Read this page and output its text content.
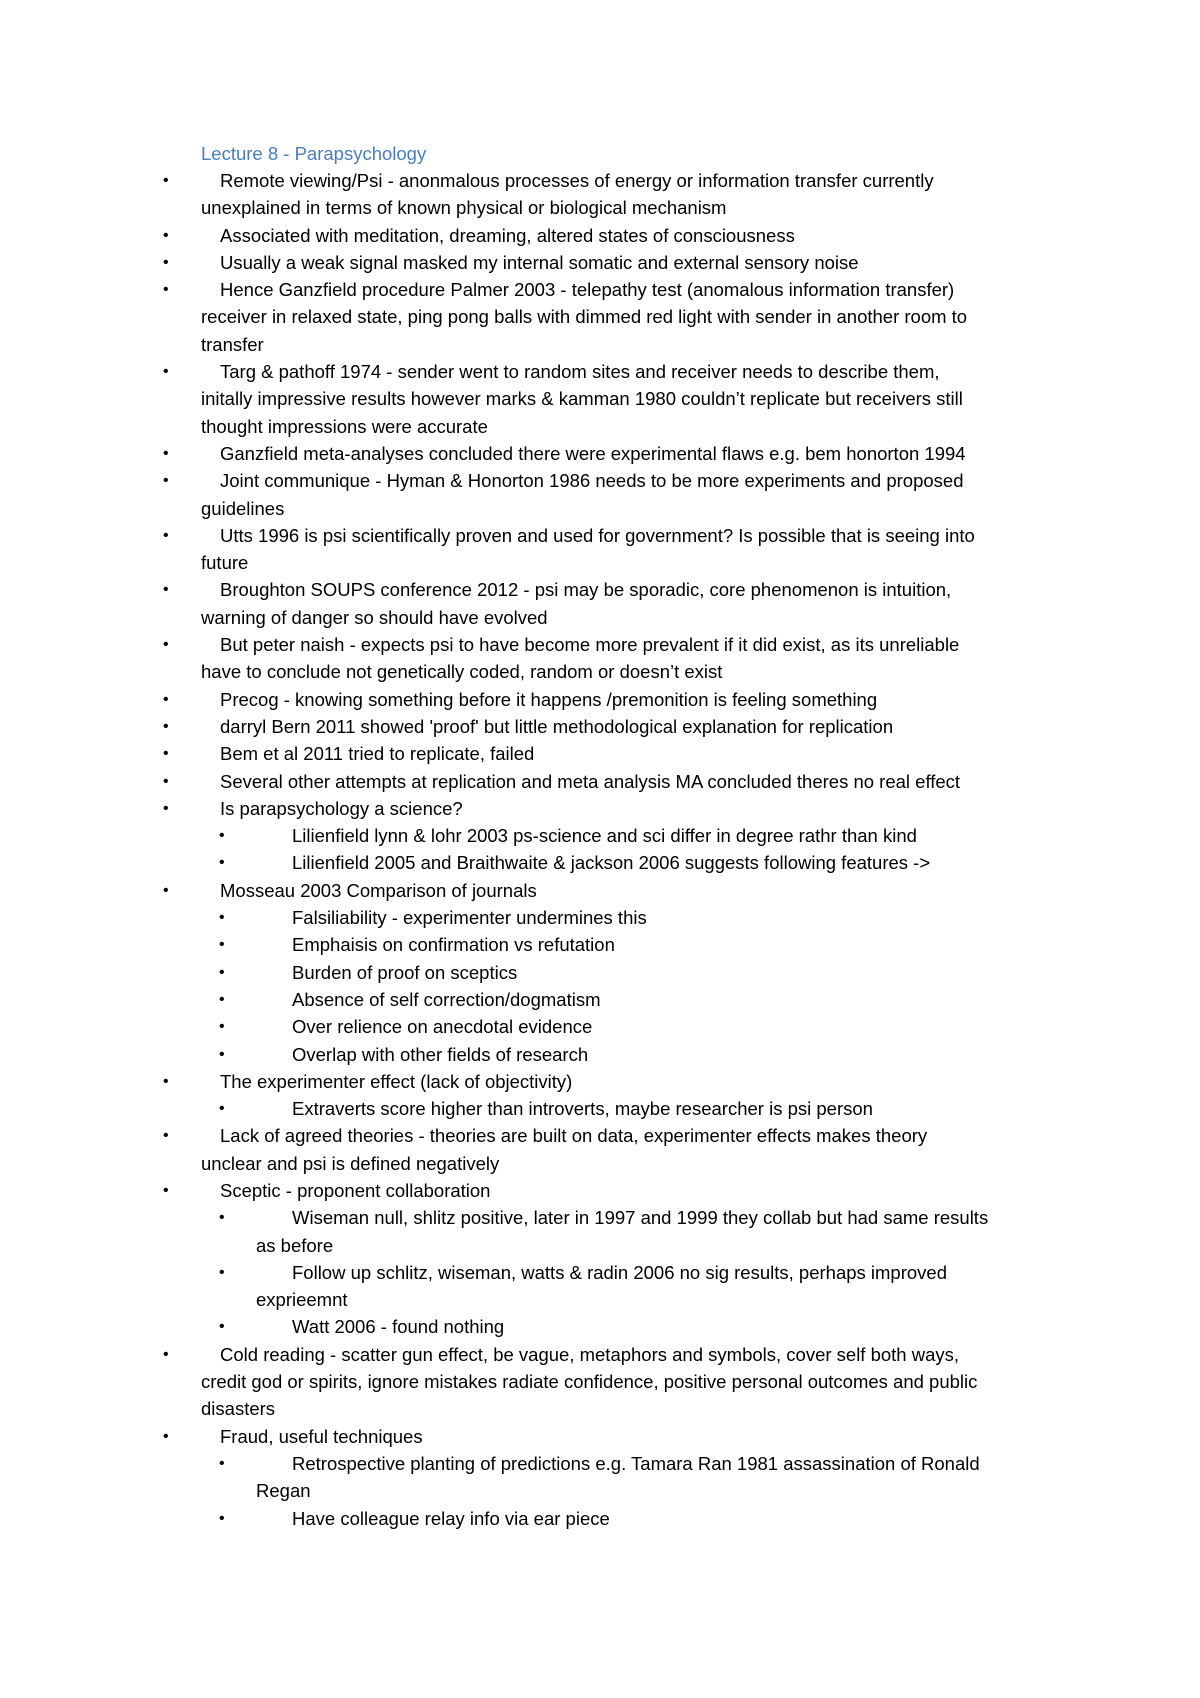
Lecture 8 - Parapsychology
•	Remote viewing/Psi - anonmalous processes of energy or information transfer currently
unexplained in terms of known physical or biological mechanism
•	Associated with meditation, dreaming, altered states of consciousness
•	Usually a weak signal masked my internal somatic and external sensory noise
•	Hence Ganzfield procedure Palmer 2003 - telepathy test (anomalous information transfer)
receiver in relaxed state, ping pong balls with dimmed red light with sender in another room to
transfer
•	Targ & pathoff 1974 - sender went to random sites and receiver needs to describe them,
initally impressive results however marks & kamman 1980 couldn’t replicate but receivers still
thought impressions were accurate
•	Ganzfield meta-analyses concluded there were experimental flaws e.g. bem honorton 1994
•	Joint communique - Hyman & Honorton 1986 needs to be more experiments and proposed
guidelines
•	Utts 1996 is psi scientifically proven and used for government? Is possible that is seeing into
future
•	Broughton SOUPS conference 2012 - psi may be sporadic, core phenomenon is intuition,
warning of danger so should have evolved
•	But peter naish - expects psi to have become more prevalent if it did exist, as its unreliable
have to conclude not genetically coded, random or doesn’t exist
•	Precog - knowing something before it happens /premonition is feeling something
•	darryl Bern 2011 showed 'proof' but little methodological explanation for replication
•	Bem et al 2011 tried to replicate, failed
•	Several other attempts at replication and meta analysis MA concluded theres no real effect
•	Is parapsychology a science?
•	Lilienfield lynn & lohr 2003 ps-science and sci differ in degree rathr than kind
•	Lilienfield 2005 and Braithwaite & jackson 2006 suggests following features ->
•	Mosseau 2003 Comparison of journals
•	Falsiliability - experimenter undermines this
•	Emphaisis on confirmation vs refutation
•	Burden of proof on sceptics
•	Absence of self correction/dogmatism
•	Over relience on anecdotal evidence
•	Overlap with other fields of research
•	The experimenter effect (lack of objectivity)
•	Extraverts score higher than introverts, maybe researcher is psi person
•	Lack of agreed theories - theories are built on data, experimenter effects makes theory
unclear and psi is defined negatively
•	Sceptic - proponent collaboration
•	Wiseman null, shlitz positive, later in 1997 and 1999 they collab but had same results
as before
•	Follow up schlitz, wiseman, watts & radin 2006 no sig results, perhaps improved
exprieemnt
•	Watt 2006 - found nothing
•	Cold reading - scatter gun effect, be vague, metaphors and symbols, cover self both ways,
credit god or spirits, ignore mistakes radiate confidence, positive personal outcomes and public
disasters
•	Fraud, useful techniques
•	Retrospective planting of predictions e.g. Tamara Ran 1981 assassination of Ronald
Regan
•	Have colleague relay info via ear piece
